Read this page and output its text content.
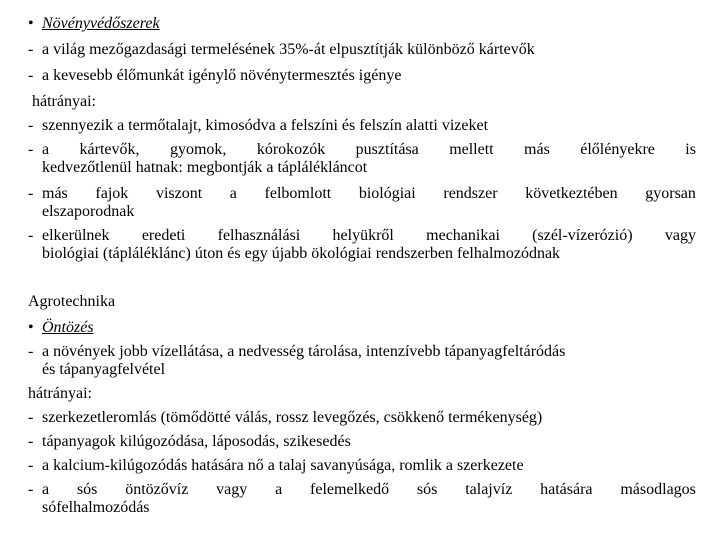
• Növényvédőszerek
- a világ mezőgazdasági termelésének 35%-át elpusztítják különböző kártevők
- a kevesebb élőmunkát igénylő növénytermesztés igénye
hátrányai:
- szennyezik a termőtalajt, kimosódva a felszíni és felszín alatti vizeket
- a kártevők, gyomok, kórokozók pusztítása mellett más élőlényekre is
kedvezőtlenül hatnak: megbontják a táplálékláncot
- más fajok viszont a felbomlott biológiai rendszer következtében gyorsan
elszaporodnak
- elkerülnek eredeti felhasználási helyükről mechanikai (szél-vízerózió) vagy
biológiai (tápláléklánc) úton és egy újabb ökológiai rendszerben felhalmozódnak
Agrotechnika
• Öntözés
- a növények jobb vízellátása, a nedvesség tárolása, intenzívebb tápanyagfeltáródás
és tápanyagfelvétel
hátrányai:
- szerkezetleromlás (tömődötté válás, rossz levegőzés, csökkenő termékenység)
- tápanyagok kilúgozódása, láposodás, szikesedés
- a kalcium-kilúgozódás hatására nő a talaj savanyúsága, romlik a szerkezete
- a sós öntözővíz vagy a felemelkedő sós talajvíz hatására másodlagos
sófelhalmozódás
